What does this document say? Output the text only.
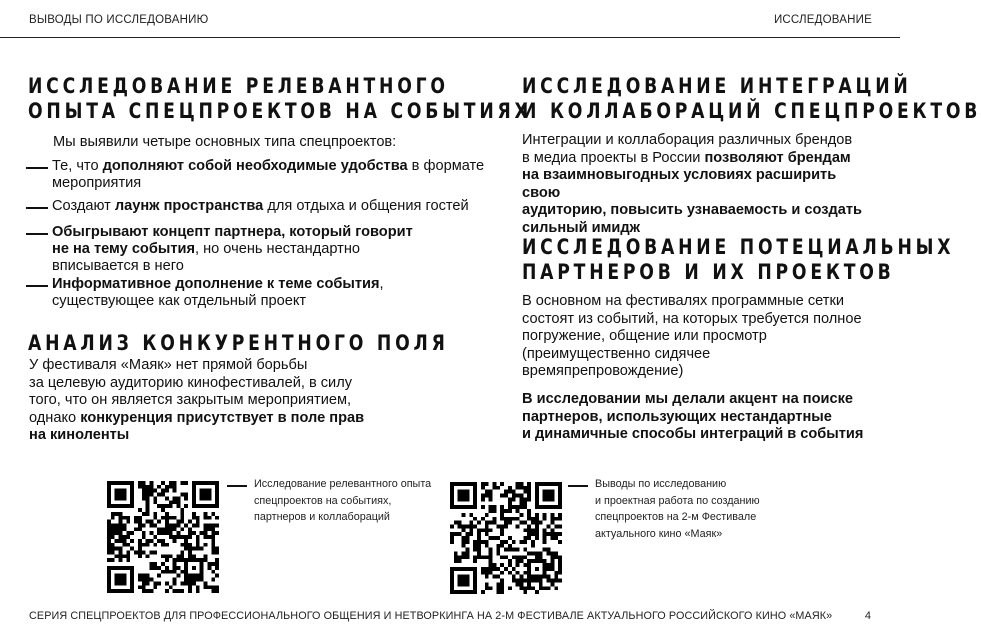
ВЫВОДЫ ПО ИССЛЕДОВАНИЮ	ИССЛЕДОВАНИЕ
ИССЛЕДОВАНИЕ РЕЛЕВАНТНОГО
ОПЫТА СПЕЦПРОЕКТОВ НА СОБЫТИЯХ
Мы выявили четыре основных типа спецпроектов:
Те, что дополняют собой необходимые удобства в формате
мероприятия
Создают лаунж пространства для отдыха и общения гостей
Обыгрывают концепт партнера, который говорит
не на тему события, но очень нестандартно
вписывается в него
Информативное дополнение к теме события,
существующее как отдельный проект
АНАЛИЗ КОНКУРЕНТНОГО ПОЛЯ
У фестиваля «Маяк» нет прямой борьбы
за целевую аудиторию кинофестивалей, в силу
того, что он является закрытым мероприятием,
однако конкуренция присутствует в поле прав
на киноленты
ИССЛЕДОВАНИЕ ИНТЕГРАЦИЙ
И КОЛЛАБОРАЦИЙ СПЕЦПРОЕКТОВ
Интеграции и коллаборация различных брендов
в медиа проекты в России позволяют брендам
на взаимновыгодных условиях расширить свою
аудиторию, повысить узнаваемость и создать
сильный имидж
ИССЛЕДОВАНИЕ ПОТЕЦИАЛЬНЫХ
ПАРТНЕРОВ И ИХ ПРОЕКТОВ
В основном на фестивалях программные сетки
состоят из событий, на которых требуется полное
погружение, общение или просмотр
(преимущественно сидячее
времяпрепровождение)
В исследовании мы делали акцент на поиске
партнеров, использующих нестандартные
и динамичные способы интеграций в события
Исследование релевантного опыта
спецпроектов на событиях,
партнеров и коллабораций
Выводы по исследованию
и проектная работа по созданию
спецпроектов на 2-м Фестивале
актуального кино «Маяк»
СЕРИЯ СПЕЦПРОЕКТОВ ДЛЯ ПРОФЕССИОНАЛЬНОГО ОБЩЕНИЯ И НЕТВОРКИНГА НА 2-М ФЕСТИВАЛЕ АКТУАЛЬНОГО РОССИЙСКОГО КИНО «МАЯК»	4
